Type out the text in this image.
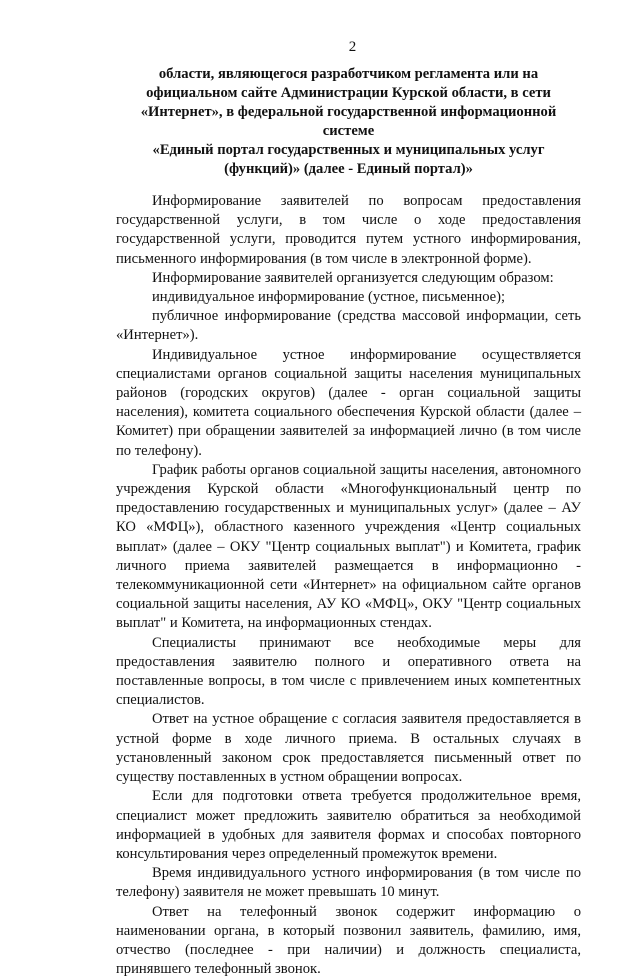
2
области, являющегося разработчиком регламента или на
официальном сайте Администрации Курской области, в сети
«Интернет», в федеральной государственной информационной системе
«Единый портал государственных и муниципальных услуг
(функций)» (далее - Единый портал)»

Информирование заявителей по вопросам предоставления государственной услуги, в том числе о ходе предоставления государственной услуги, проводится путем устного информирования, письменного информирования (в том числе в электронной форме).

Информирование заявителей организуется следующим образом:

индивидуальное информирование (устное, письменное);

публичное информирование (средства массовой информации, сеть «Интернет»).

Индивидуальное устное информирование осуществляется специалистами органов социальной защиты населения муниципальных районов (городских округов) (далее - орган социальной защиты населения), комитета социального обеспечения Курской области (далее – Комитет) при обращении заявителей за информацией лично (в том числе по телефону).

График работы органов социальной защиты населения, автономного учреждения Курской области «Многофункциональный центр по предоставлению государственных и муниципальных услуг» (далее – АУ КО «МФЦ»), областного казенного учреждения «Центр социальных выплат» (далее – ОКУ "Центр социальных выплат") и Комитета, график личного приема заявителей размещается в информационно - телекоммуникационной сети «Интернет» на официальном сайте органов социальной защиты населения, АУ КО «МФЦ», ОКУ "Центр социальных выплат" и Комитета, на информационных стендах.

Специалисты принимают все необходимые меры для предоставления заявителю полного и оперативного ответа на поставленные вопросы, в том числе с привлечением иных компетентных специалистов.

Ответ на устное обращение с согласия заявителя предоставляется в устной форме в ходе личного приема. В остальных случаях в установленный законом срок предоставляется письменный ответ по существу поставленных в устном обращении вопросах.

Если для подготовки ответа требуется продолжительное время, специалист может предложить заявителю обратиться за необходимой информацией в удобных для заявителя формах и способах повторного консультирования через определенный промежуток времени.

Время индивидуального устного информирования (в том числе по телефону) заявителя не может превышать 10 минут.

Ответ на телефонный звонок содержит информацию о наименовании органа, в который позвонил заявитель, фамилию, имя, отчество (последнее - при наличии) и должность специалиста, принявшего телефонный звонок.
